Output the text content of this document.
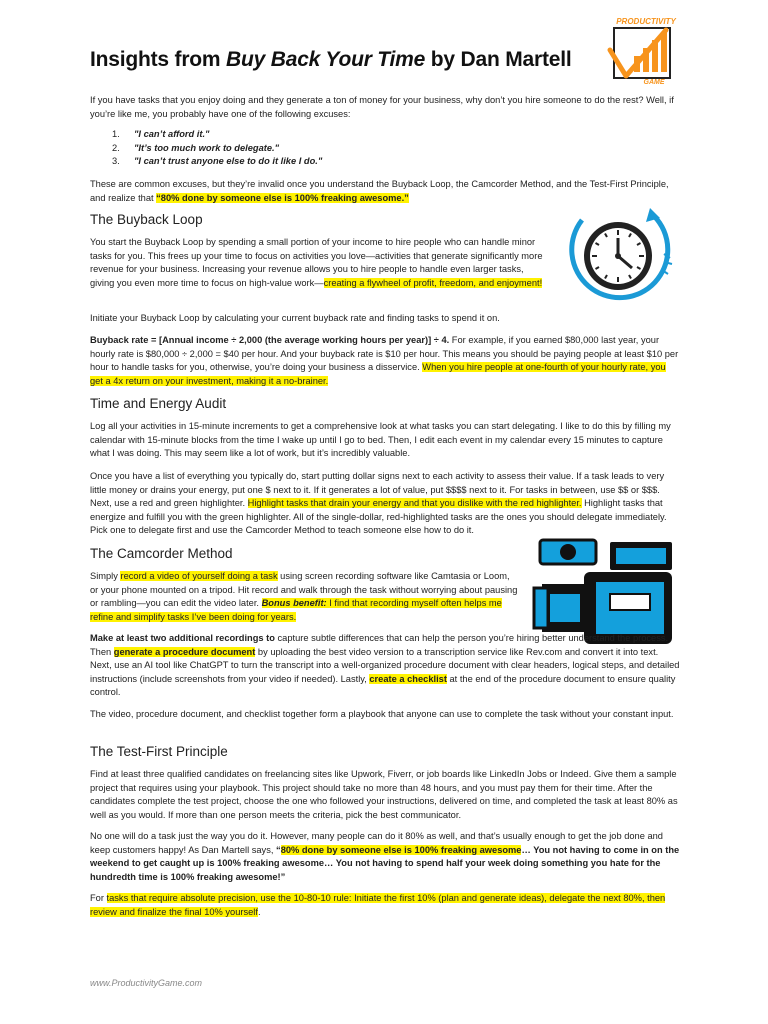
PRODUCTIVITY
GAME
Insights from Buy Back Your Time by Dan Martell
If you have tasks that you enjoy doing and they generate a ton of money for your business, why don’t you hire someone to do the rest? Well, if you’re like me, you probably have one of the following excuses:
1. "I can’t afford it."
2. "It’s too much work to delegate."
3. "I can’t trust anyone else to do it like I do."
These are common excuses, but they’re invalid once you understand the Buyback Loop, the Camcorder Method, and the Test-First Principle, and realize that “80% done by someone else is 100% freaking awesome.”
The Buyback Loop
You start the Buyback Loop by spending a small portion of your income to hire people who can handle minor tasks for you. This frees up your time to focus on activities you love—activities that generate significantly more revenue for your business. Increasing your revenue allows you to hire people to handle even larger tasks, giving you even more time to focus on high-value work—creating a flywheel of profit, freedom, and enjoyment!
Initiate your Buyback Loop by calculating your current buyback rate and finding tasks to spend it on.
Buyback rate = [Annual income ÷ 2,000 (the average working hours per year)] ÷ 4. For example, if you earned $80,000 last year, your hourly rate is $80,000 ÷ 2,000 = $40 per hour. And your buyback rate is $10 per hour. This means you should be paying people at least $10 per hour to handle tasks for you, otherwise, you’re doing your business a disservice. When you hire people at one-fourth of your hourly rate, you get a 4x return on your investment, making it a no-brainer.
Time and Energy Audit
Log all your activities in 15-minute increments to get a comprehensive look at what tasks you can start delegating. I like to do this by filling my calendar with 15-minute blocks from the time I wake up until I go to bed. Then, I edit each event in my calendar every 15 minutes to capture what I was doing. This may seem like a lot of work, but it’s incredibly valuable.
Once you have a list of everything you typically do, start putting dollar signs next to each activity to assess their value. If a task leads to very little money or drains your energy, put one $ next to it. If it generates a lot of value, put $$$$ next to it. For tasks in between, use $$ or $$$. Next, use a red and green highlighter. Highlight tasks that drain your energy and that you dislike with the red highlighter. Highlight tasks that energize and fulfill you with the green highlighter. All of the single-dollar, red-highlighted tasks are the ones you should delegate immediately. Pick one to delegate first and use the Camcorder Method to teach someone else how to do it.
The Camcorder Method
Simply record a video of yourself doing a task using screen recording software like Camtasia or Loom, or your phone mounted on a tripod. Hit record and walk through the task without worrying about pausing or rambling—you can edit the video later. Bonus benefit: I find that recording myself often helps me refine and simplify tasks I’ve been doing for years.
Make at least two additional recordings to capture subtle differences that can help the person you’re hiring better understand the process. Then generate a procedure document by uploading the best video version to a transcription service like Rev.com and convert it into text. Next, use an AI tool like ChatGPT to turn the transcript into a well-organized procedure document with clear headers, logical steps, and detailed instructions (include screenshots from your video if needed). Lastly, create a checklist at the end of the procedure document to ensure quality control.
The video, procedure document, and checklist together form a playbook that anyone can use to complete the task without your constant input.
The Test-First Principle
Find at least three qualified candidates on freelancing sites like Upwork, Fiverr, or job boards like LinkedIn Jobs or Indeed. Give them a sample project that requires using your playbook. This project should take no more than 48 hours, and you must pay them for their time. After the candidates complete the test project, choose the one who followed your instructions, delivered on time, and completed the task at least 80% as well as you would. If more than one person meets the criteria, pick the best communicator.
No one will do a task just the way you do it. However, many people can do it 80% as well, and that’s usually enough to get the job done and keep customers happy! As Dan Martell says, “80% done by someone else is 100% freaking awesome… You not having to come in on the weekend to get caught up is 100% freaking awesome… You not having to spend half your week doing something you hate for the hundredth time is 100% freaking awesome!”
For tasks that require absolute precision, use the 10-80-10 rule: Initiate the first 10% (plan and generate ideas), delegate the next 80%, then review and finalize the final 10% yourself.
www.ProductivityGame.com
